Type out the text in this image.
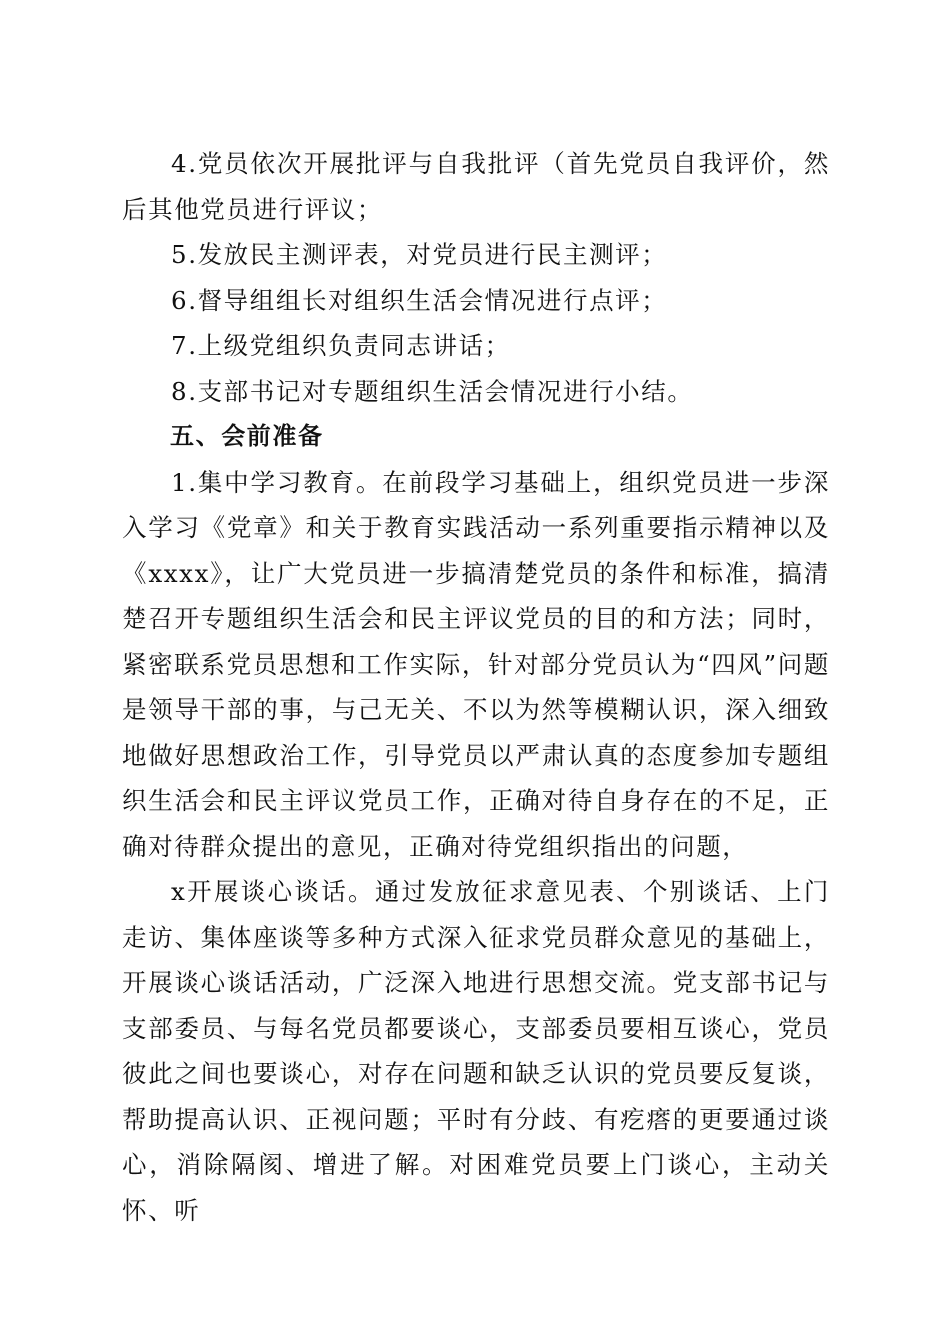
4.党员依次开展批评与自我批评（首先党员自我评价，然后其他党员进行评议；

5.发放民主测评表，对党员进行民主测评；

6.督导组组长对组织生活会情况进行点评；

7.上级党组织负责同志讲话；

8.支部书记对专题组织生活会情况进行小结。

五、会前准备

1.集中学习教育。在前段学习基础上，组织党员进一步深入学习《党章》和关于教育实践活动一系列重要指示精神以及《xxxx》，让广大党员进一步搞清楚党员的条件和标准，搞清楚召开专题组织生活会和民主评议党员的目的和方法；同时，紧密联系党员思想和工作实际，针对部分党员认为“四风”问题是领导干部的事，与己无关、不以为然等模糊认识，深入细致地做好思想政治工作，引导党员以严肃认真的态度参加专题组织生活会和民主评议党员工作，正确对待自身存在的不足，正确对待群众提出的意见，正确对待党组织指出的问题，

x开展谈心谈话。通过发放征求意见表、个别谈话、上门走访、集体座谈等多种方式深入征求党员群众意见的基础上，开展谈心谈话活动，广泛深入地进行思想交流。党支部书记与支部委员、与每名党员都要谈心，支部委员要相互谈心，党员彼此之间也要谈心，对存在问题和缺乏认识的党员要反复谈，帮助提高认识、正视问题；平时有分歧、有疙瘩的更要通过谈心，消除隔阂、增进了解。对困难党员要上门谈心，主动关怀、听
